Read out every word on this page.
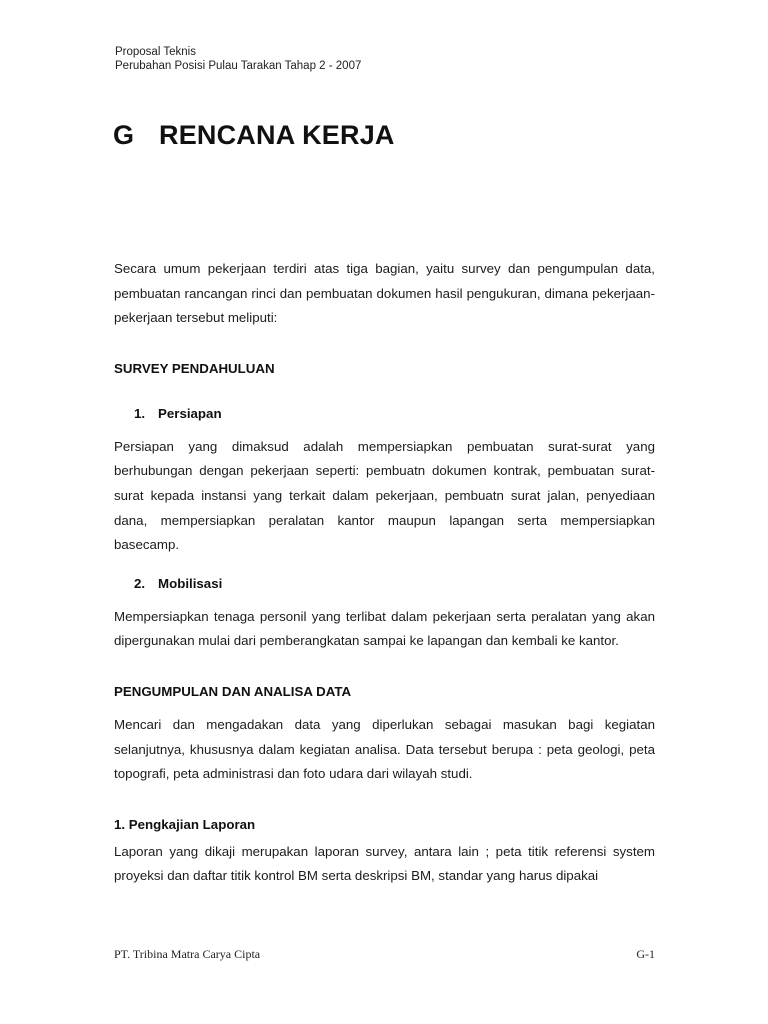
Proposal Teknis
Perubahan Posisi Pulau Tarakan Tahap 2 - 2007
G RENCANA KERJA

Secara umum pekerjaan terdiri atas tiga bagian, yaitu survey dan pengumpulan data, pembuatan rancangan rinci dan pembuatan dokumen hasil pengukuran, dimana pekerjaan-pekerjaan tersebut meliputi:

SURVEY PENDAHULUAN

1. Persiapan

Persiapan yang dimaksud adalah mempersiapkan pembuatan surat-surat yang berhubungan dengan pekerjaan seperti: pembuatn dokumen kontrak, pembuatan surat-surat kepada instansi yang terkait dalam pekerjaan, pembuatn surat jalan, penyediaan dana, mempersiapkan peralatan kantor maupun lapangan serta mempersiapkan basecamp.

2. Mobilisasi

Mempersiapkan tenaga personil yang terlibat dalam pekerjaan serta peralatan yang akan dipergunakan mulai dari pemberangkatan sampai ke lapangan dan kembali ke kantor.

PENGUMPULAN DAN ANALISA DATA

Mencari dan mengadakan data yang diperlukan sebagai masukan bagi kegiatan selanjutnya, khususnya dalam kegiatan analisa. Data tersebut berupa : peta geologi, peta topografi, peta administrasi dan foto udara dari wilayah studi.

1. Pengkajian Laporan

Laporan yang dikaji merupakan laporan survey, antara lain ; peta titik referensi system proyeksi dan daftar titik kontrol BM serta deskripsi BM, standar yang harus dipakai

PT. Tribina Matra Carya Cipta	G-1
